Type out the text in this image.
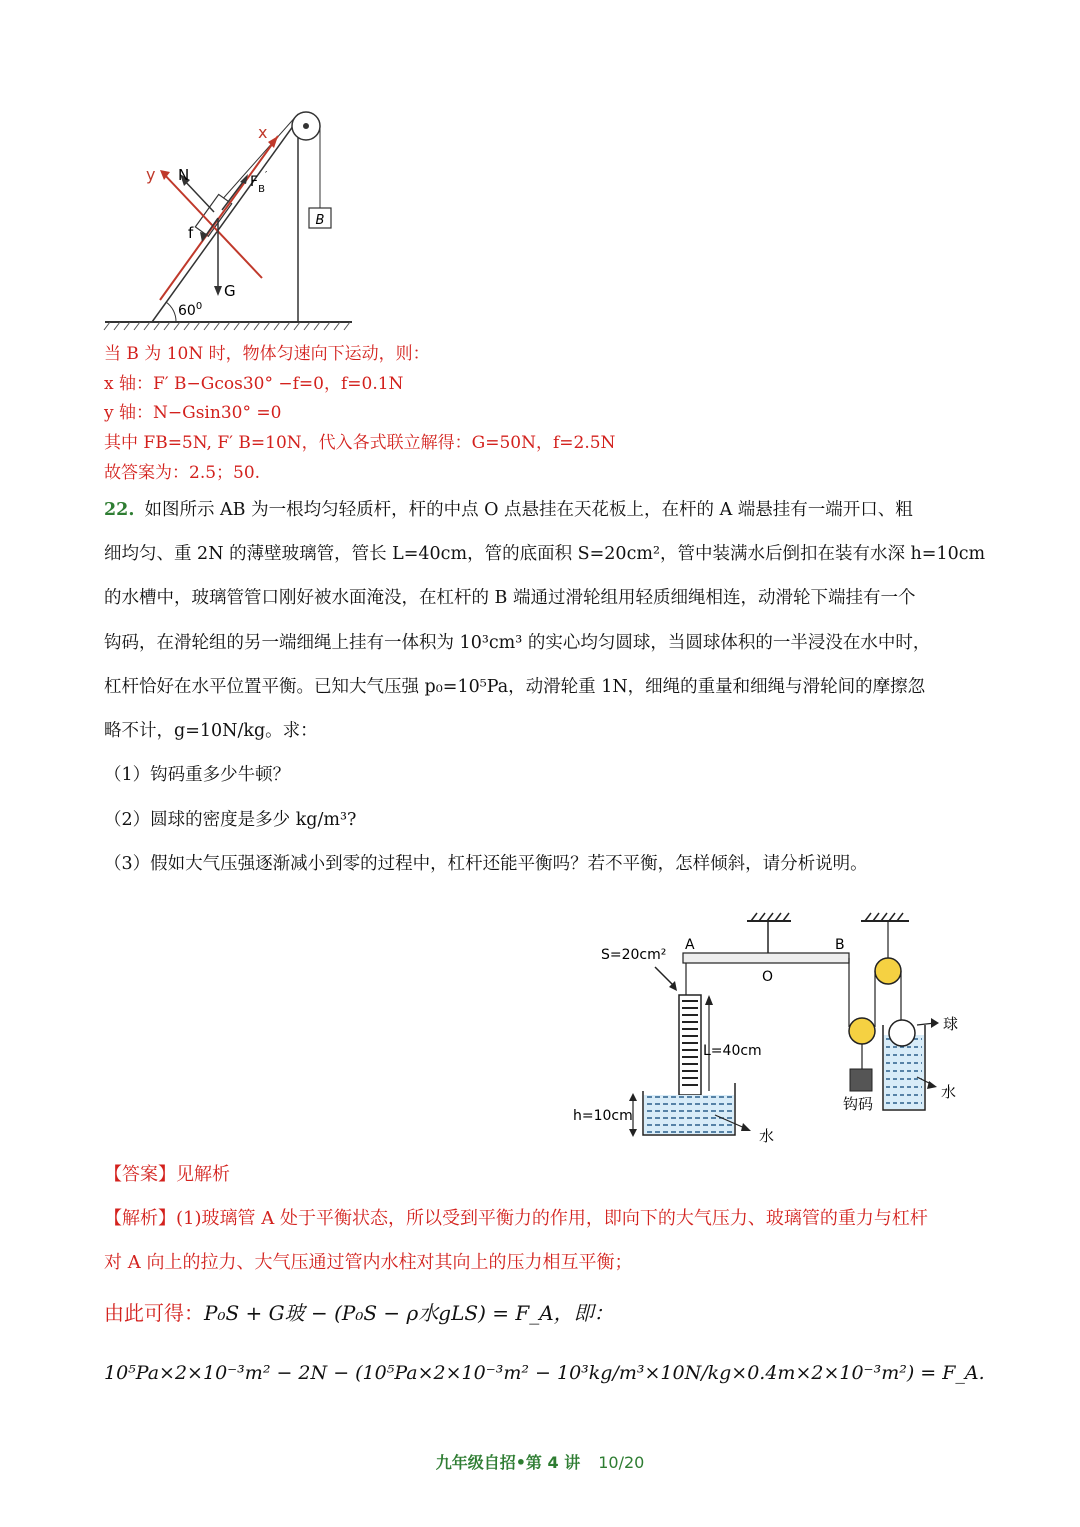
B
x
y N	$F_B'$
f
G
$60^0$
当 B 为 10N 时，物体匀速向下运动，则：
x 轴：F′ B−Gcos30° −f=0，f=0.1N
y 轴：N−Gsin30° =0
其中 FB=5N, F′ B=10N，代入各式联立解得：G=50N，f=2.5N
故答案为：2.5；50.
22. 如图所示 AB 为一根均匀轻质杆，杆的中点 O 点悬挂在天花板上，在杆的 A 端悬挂有一端开口、粗
细均匀、重 2N 的薄壁玻璃管，管长 L=40cm，管的底面积 S=20cm²，管中装满水后倒扣在装有水深 h=10cm
的水槽中，玻璃管管口刚好被水面淹没，在杠杆的 B 端通过滑轮组用轻质细绳相连，动滑轮下端挂有一个
钩码，在滑轮组的另一端细绳上挂有一体积为 10³cm³ 的实心均匀圆球，当圆球体积的一半浸没在水中时，
杠杆恰好在水平位置平衡。已知大气压强 p₀=10⁵Pa，动滑轮重 1N，细绳的重量和细绳与滑轮间的摩擦忽
略不计，g=10N/kg。求：
（1）钩码重多少牛顿？
（2）圆球的密度是多少 kg/m³?
（3）假如大气压强逐渐减小到零的过程中，杠杆还能平衡吗？若不平衡，怎样倾斜，请分析说明。
A	B
O
S=20cm²
L=40cm
h=10cm
水
钩码
球
水
【答案】见解析
【解析】(1)玻璃管 A 处于平衡状态，所以受到平衡力的作用，即向下的大气压力、玻璃管的重力与杠杆
对 A 向上的拉力、大气压通过管内水柱对其向上的压力相互平衡；
由此可得：P₀S + G玻 − (P₀S − ρ水gLS) = F_A，即：
10⁵Pa×2×10⁻³m² − 2N − (10⁵Pa×2×10⁻³m² − 10³kg/m³×10N/kg×0.4m×2×10⁻³m²) = F_A.
九年级自招•第 4 讲 10/20
